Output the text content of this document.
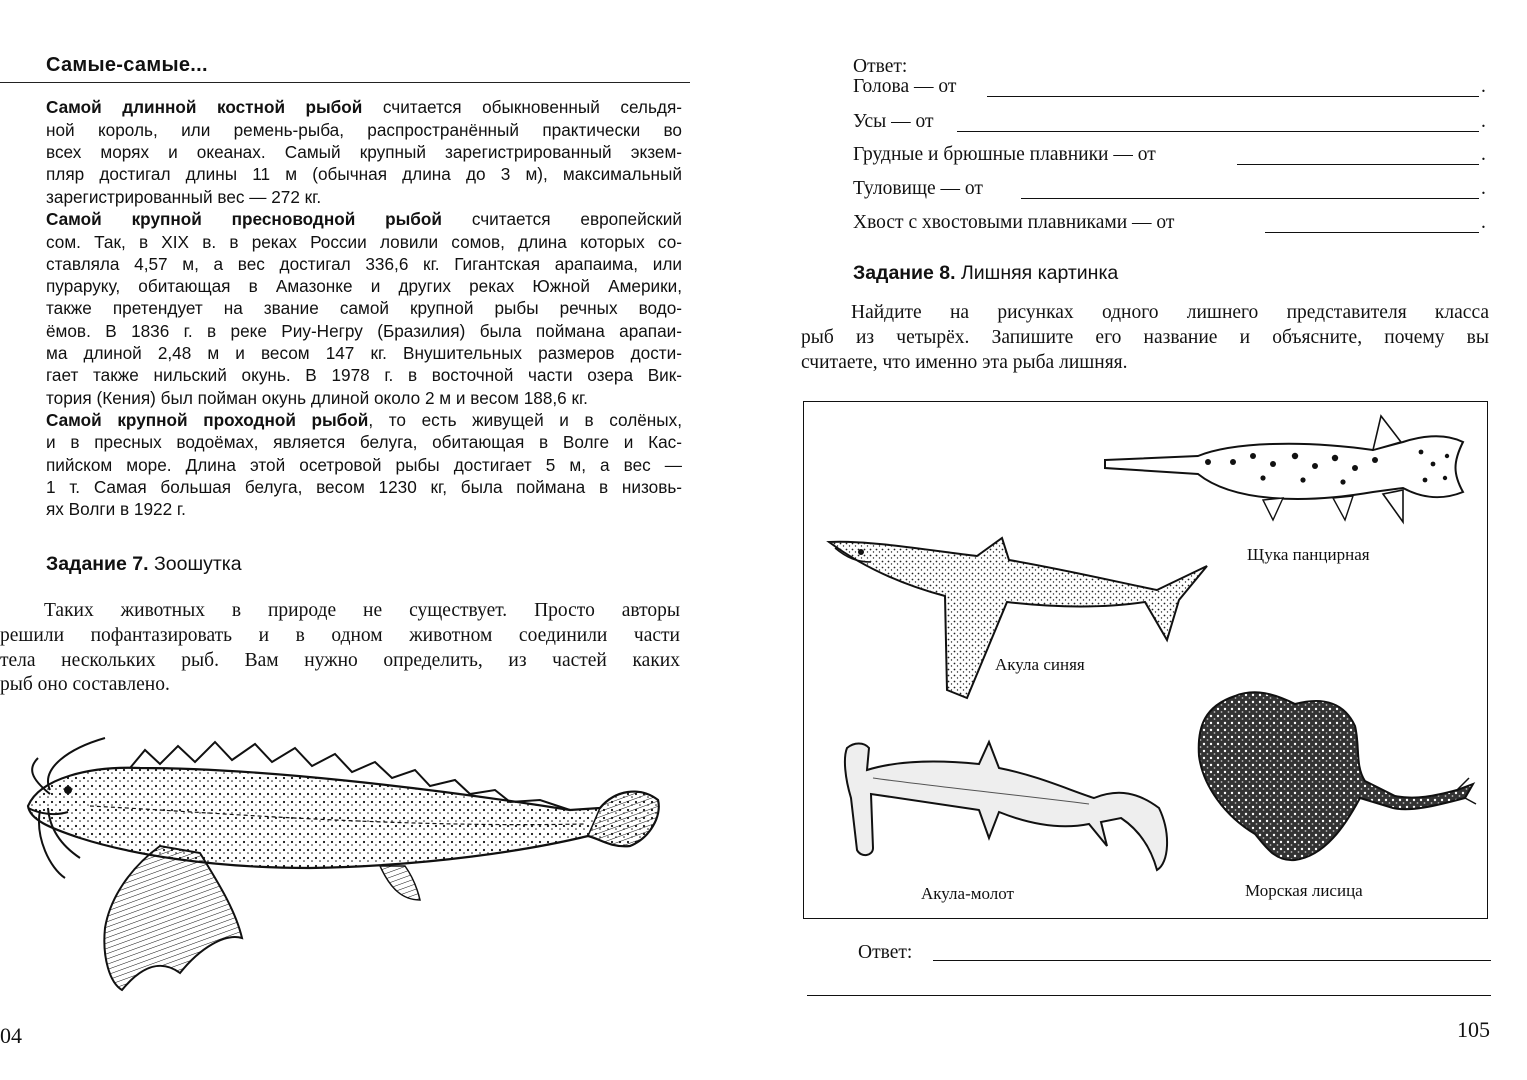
Самые-самые...
Самой длинной костной рыбой считается обыкновенный сельдя-
ной король, или ремень-рыба, распространённый практически во
всех морях и океанах. Самый крупный зарегистрированный экзем-
пляр достигал длины 11 м (обычная длина до 3 м), максимальный
зарегистрированный вес — 272 кг.
Самой крупной пресноводной рыбой считается европейский
сом. Так, в XIX в. в реках России ловили сомов, длина которых со-
ставляла 4,57 м, а вес достигал 336,6 кг. Гигантская арапаима, или
пураруку, обитающая в Амазонке и других реках Южной Америки,
также претендует на звание самой крупной рыбы речных водо-
ёмов. В 1836 г. в реке Риу-Негру (Бразилия) была поймана арапаи-
ма длиной 2,48 м и весом 147 кг. Внушительных размеров дости-
гает также нильский окунь. В 1978 г. в восточной части озера Вик-
тория (Кения) был пойман окунь длиной около 2 м и весом 188,6 кг.
Самой крупной проходной рыбой, то есть живущей и в солёных,
и в пресных водоёмах, является белуга, обитающая в Волге и Кас-
пийском море. Длина этой осетровой рыбы достигает 5 м, а вес —
1 т. Самая большая белуга, весом 1230 кг, была поймана в низовь-
ях Волги в 1922 г.
Задание 7. Зоошутка
Таких животных в природе не существует. Просто авторы
решили пофантазировать и в одном животном соединили части
тела нескольких рыб. Вам нужно определить, из частей каких
рыб оно составлено.
04
Ответ:
Голова — от	.
Усы — от	.
Грудные и брюшные плавники — от	.
Туловище — от	.
Хвост с хвостовыми плавниками — от	.
Задание 8. Лишняя картинка
Найдите на рисунках одного лишнего представителя класса
рыб из четырёх. Запишите его название и объясните, почему вы
считаете, что именно эта рыба лишняя.
Щука панцирная
Акула синяя
Акула-молот	Морская лисица
Ответ:
105
